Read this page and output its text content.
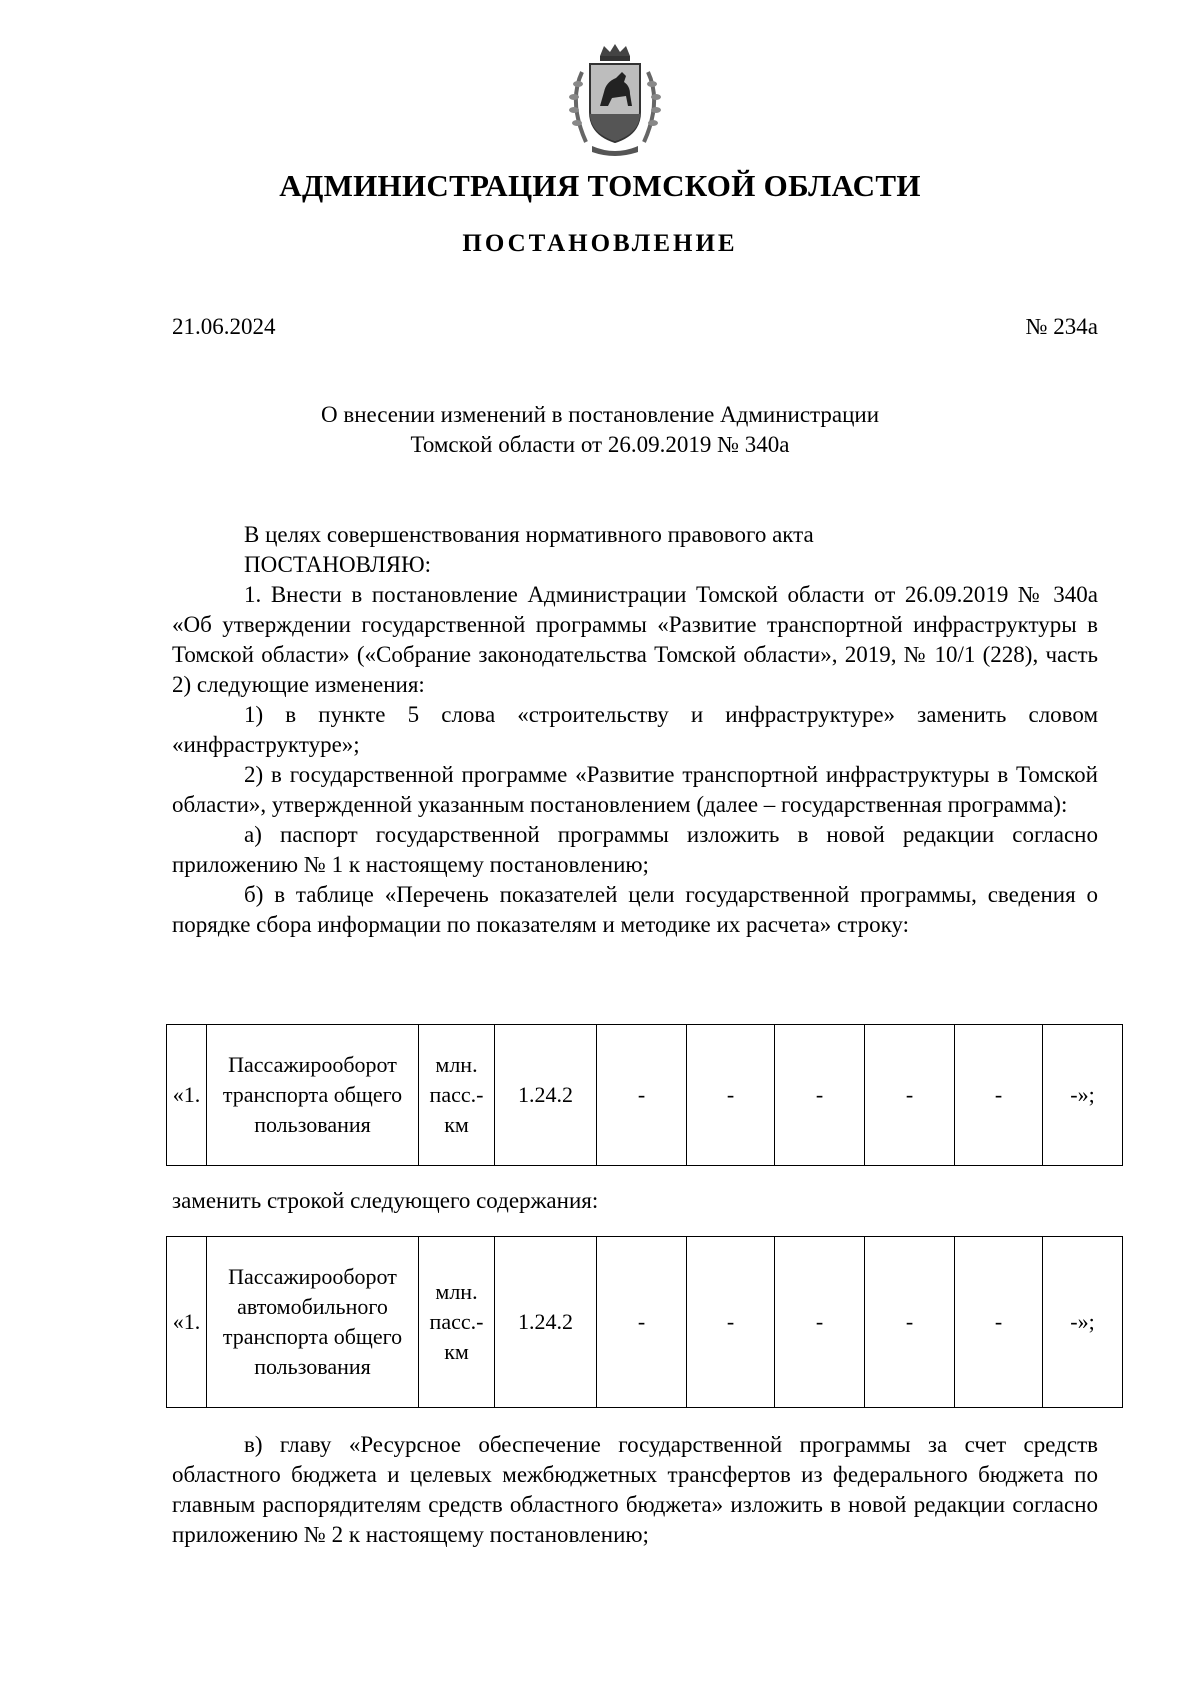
АДМИНИСТРАЦИЯ ТОМСКОЙ ОБЛАСТИ
ПОСТАНОВЛЕНИЕ
21.06.2024	№ 234а
О внесении изменений в постановление Администрации
Томской области от 26.09.2019 № 340а

В целях совершенствования нормативного правового акта

ПОСТАНОВЛЯЮ:

1. Внести в постановление Администрации Томской области от 26.09.2019 № 340а «Об утверждении государственной программы «Развитие транспортной инфраструктуры в Томской области» («Собрание законодательства Томской области», 2019, № 10/1 (228), часть 2) следующие изменения:

1) в пункте 5 слова «строительству и инфраструктуре» заменить словом «инфраструктуре»;

2) в государственной программе «Развитие транспортной инфраструктуры в Томской области», утвержденной указанным постановлением (далее – государственная программа):

а) паспорт государственной программы изложить в новой редакции согласно приложению № 1 к настоящему постановлению;

б) в таблице «Перечень показателей цели государственной программы, сведения о порядке сбора информации по показателям и методике их расчета» строку:

«1.	Пассажирооборот транспорта общего пользования	млн. пасс.-км	1.24.2	-	-	-	-	-	-»;
заменить строкой следующего содержания:
«1.	Пассажирооборот автомобильного транспорта общего пользования	млн. пасс.-км	1.24.2	-	-	-	-	-	-»;

в) главу «Ресурсное обеспечение государственной программы за счет средств областного бюджета и целевых межбюджетных трансфертов из федерального бюджета по главным распорядителям средств областного бюджета» изложить в новой редакции согласно приложению № 2 к настоящему постановлению;
